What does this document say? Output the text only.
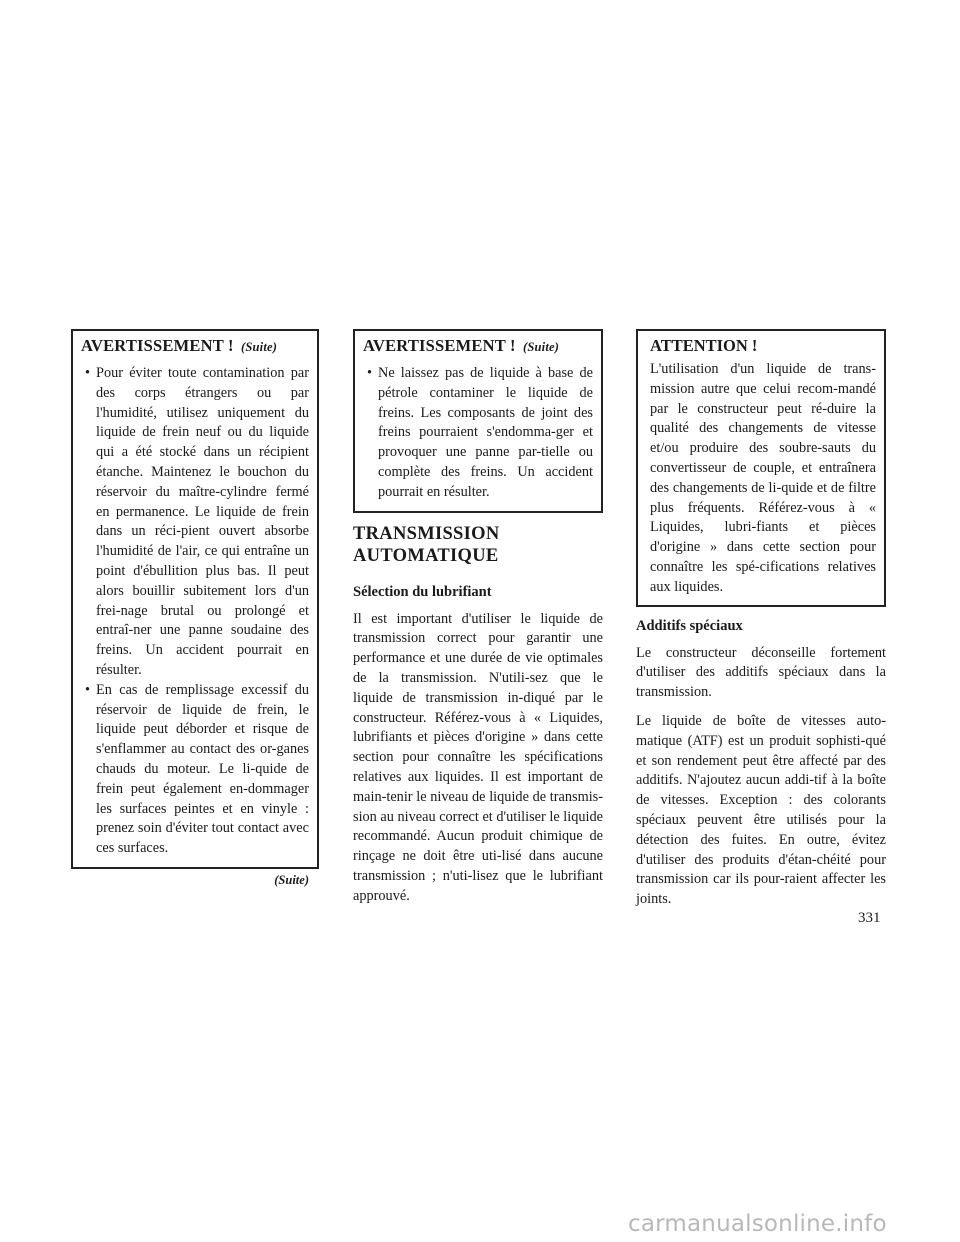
AVERTISSEMENT ! (Suite)
• Pour éviter toute contamination par des corps étrangers ou par l'humidité, utilisez uniquement du liquide de frein neuf ou du liquide qui a été stocké dans un récipient étanche. Maintenez le bouchon du réservoir du maître-cylindre fermé en permanence. Le liquide de frein dans un réci-pient ouvert absorbe l'humidité de l'air, ce qui entraîne un point d'ébullition plus bas. Il peut alors bouillir subitement lors d'un frei-nage brutal ou prolongé et entraî-ner une panne soudaine des freins. Un accident pourrait en résulter.
• En cas de remplissage excessif du réservoir de liquide de frein, le liquide peut déborder et risque de s'enflammer au contact des or-ganes chauds du moteur. Le li-quide de frein peut également en-dommager les surfaces peintes et en vinyle : prenez soin d'éviter tout contact avec ces surfaces.
(Suite)
AVERTISSEMENT ! (Suite)
• Ne laissez pas de liquide à base de pétrole contaminer le liquide de freins. Les composants de joint des freins pourraient s'endomma-ger et provoquer une panne par-tielle ou complète des freins. Un accident pourrait en résulter.
TRANSMISSION
AUTOMATIQUE
Sélection du lubrifiant

Il est important d'utiliser le liquide de transmission correct pour garantir une performance et une durée de vie optimales de la transmission. N'utili-sez que le liquide de transmission in-diqué par le constructeur. Référez-vous à « Liquides, lubrifiants et pièces d'origine » dans cette section pour connaître les spécifications relatives aux liquides. Il est important de main-tenir le niveau de liquide de transmis-sion au niveau correct et d'utiliser le liquide recommandé. Aucun produit chimique de rinçage ne doit être uti-lisé dans aucune transmission ; n'uti-lisez que le lubrifiant approuvé.

ATTENTION !

L'utilisation d'un liquide de trans-mission autre que celui recom-mandé par le constructeur peut ré-duire la qualité des changements de vitesse et/ou produire des soubre-sauts du convertisseur de couple, et entraînera des changements de li-quide et de filtre plus fréquents. Référez-vous à « Liquides, lubri-fiants et pièces d'origine » dans cette section pour connaître les spé-cifications relatives aux liquides.

Additifs spéciaux

Le constructeur déconseille fortement d'utiliser des additifs spéciaux dans la transmission.

Le liquide de boîte de vitesses auto-matique (ATF) est un produit sophisti-qué et son rendement peut être affecté par des additifs. N'ajoutez aucun addi-tif à la boîte de vitesses. Exception : des colorants spéciaux peuvent être utilisés pour la détection des fuites. En outre, évitez d'utiliser des produits d'étan-chéité pour transmission car ils pour-raient affecter les joints.

331
carmanualsonline.info
